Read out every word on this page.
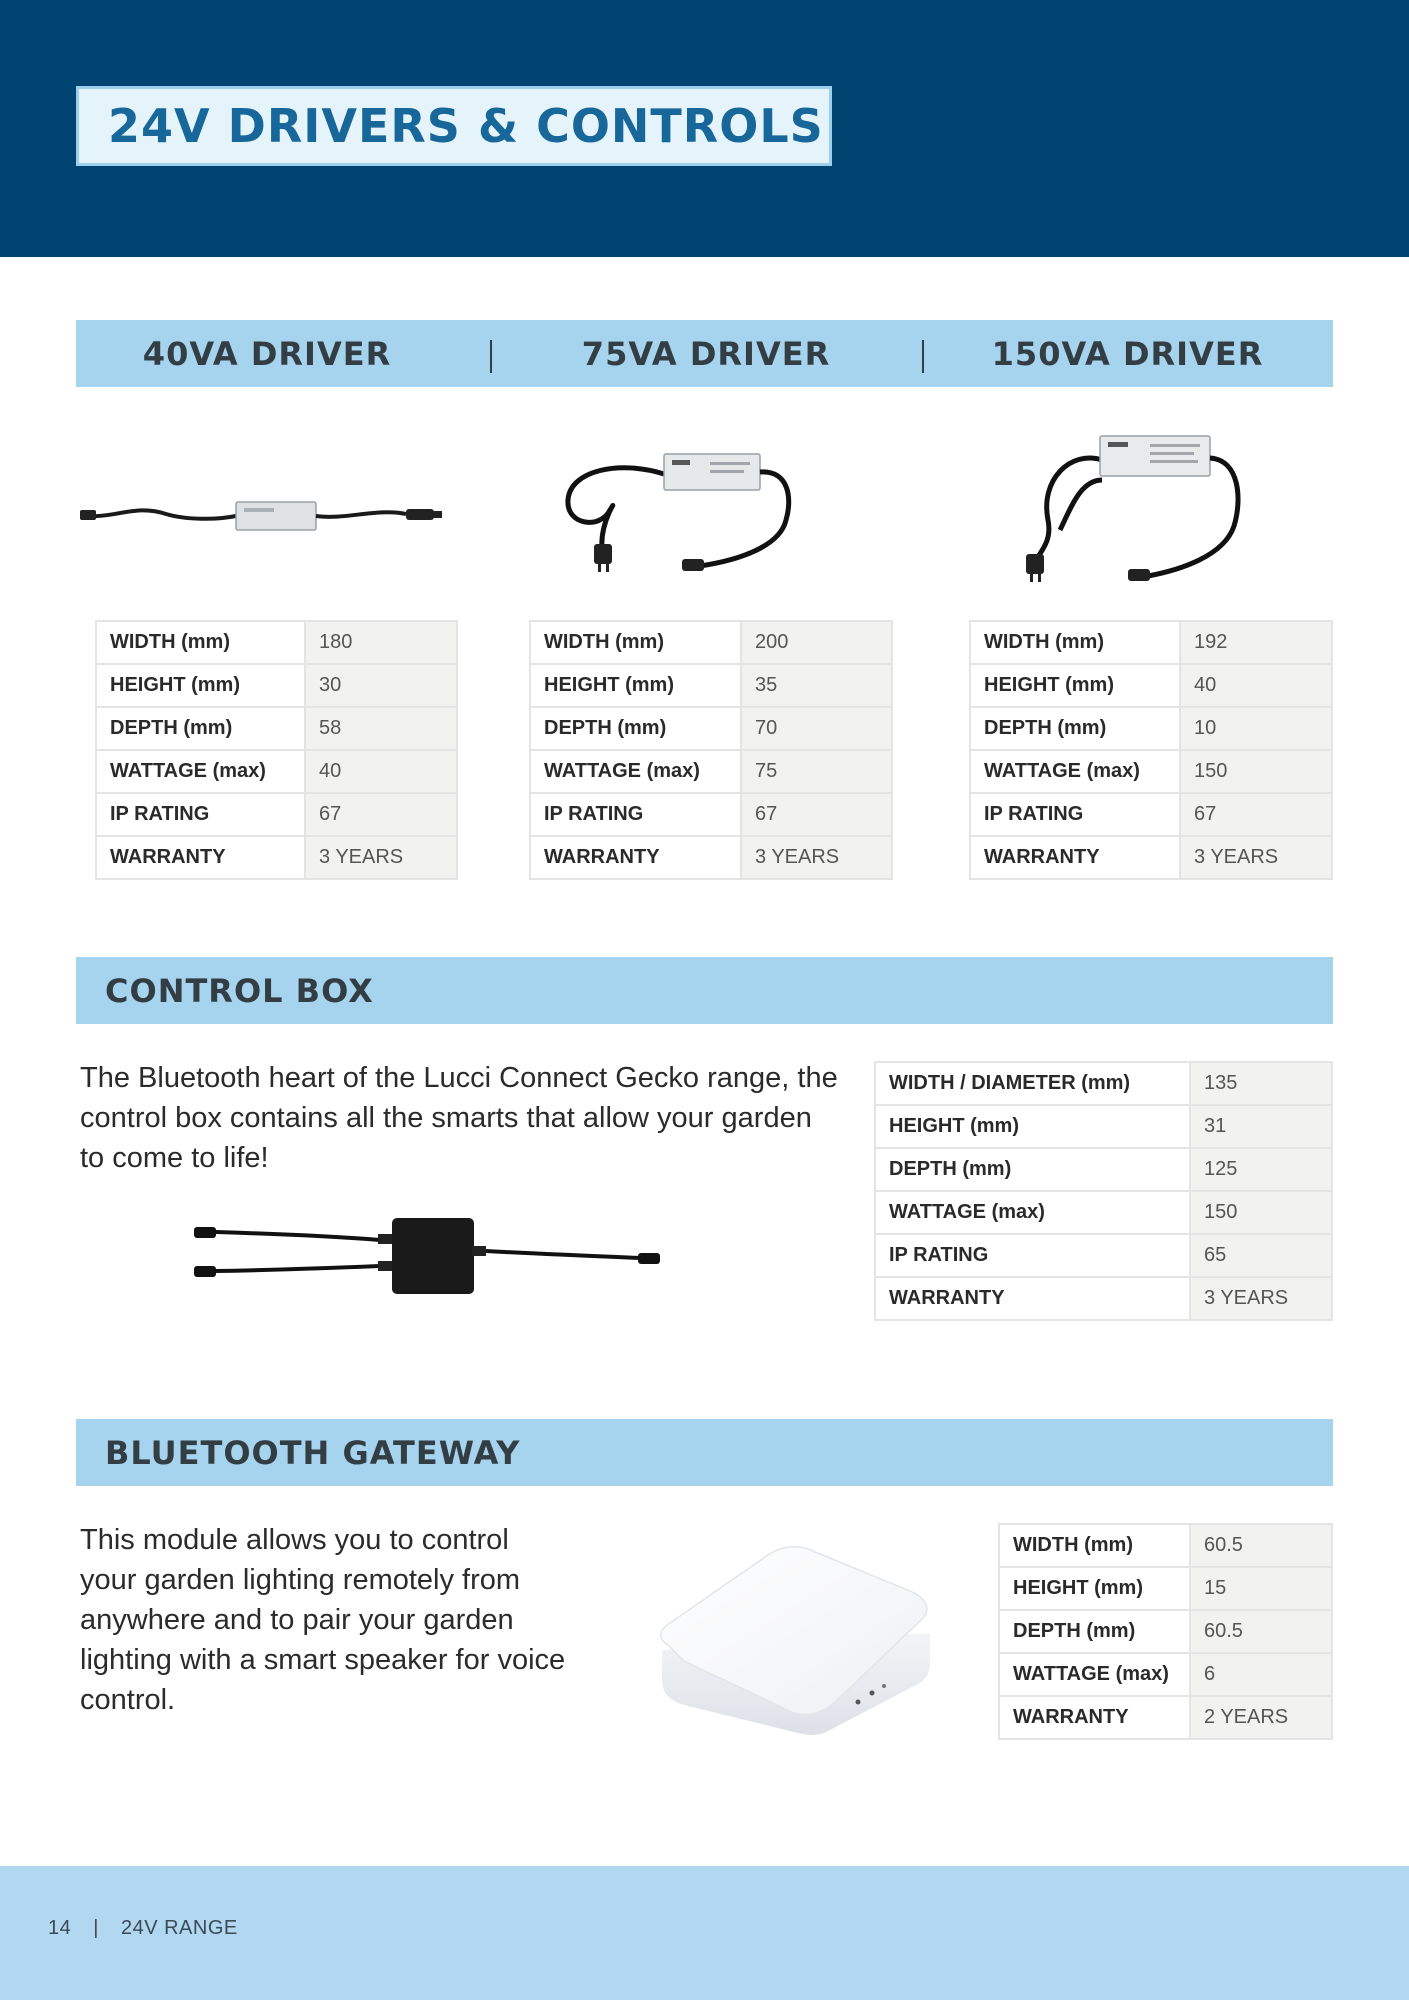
24V DRIVERS & CONTROLS
40VA DRIVER	75VA DRIVER	150VA DRIVER
WIDTH (mm)	180
HEIGHT (mm)	30
DEPTH (mm)	58
WATTAGE (max)	40
IP RATING	67
WARRANTY	3 YEARS
WIDTH (mm)	200
HEIGHT (mm)	35
DEPTH (mm)	70
WATTAGE (max)	75
IP RATING	67
WARRANTY	3 YEARS
WIDTH (mm)	192
HEIGHT (mm)	40
DEPTH (mm)	10
WATTAGE (max)	150
IP RATING	67
WARRANTY	3 YEARS
CONTROL BOX
The Bluetooth heart of the Lucci Connect Gecko range, the control box contains all the smarts that allow your garden to come to life!
WIDTH / DIAMETER (mm)	135
HEIGHT (mm)	31
DEPTH (mm)	125
WATTAGE (max)	150
IP RATING	65
WARRANTY	3 YEARS
BLUETOOTH GATEWAY
This module allows you to control your garden lighting remotely from anywhere and to pair your garden lighting with a smart speaker for voice control.
WIDTH (mm)	60.5
HEIGHT (mm)	15
DEPTH (mm)	60.5
WATTAGE (max)	6
WARRANTY	2 YEARS
14 | 24V RANGE
